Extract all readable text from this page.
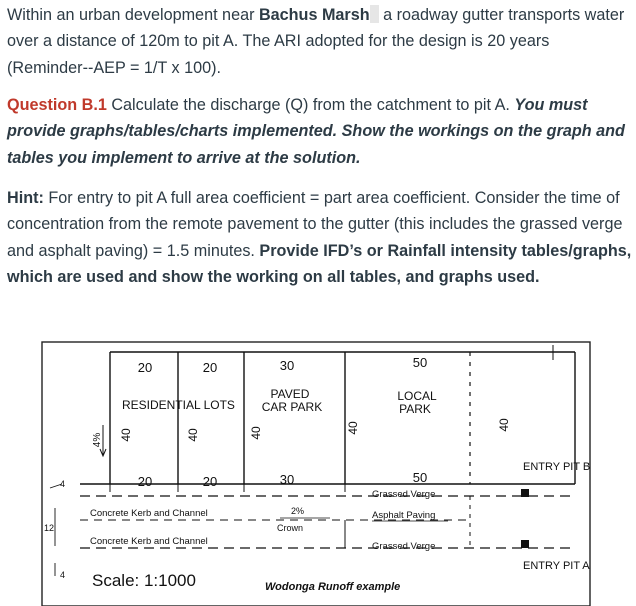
Within an urban development near Bachus Marsh a roadway gutter transports water over a distance of 120m to pit A. The ARI adopted for the design is 20 years (Reminder--AEP = 1/T x 100).
Question B.1 Calculate the discharge (Q) from the catchment to pit A. You must provide graphs/tables/charts implemented. Show the workings on the graph and tables you implement to arrive at the solution.
Hint: For entry to pit A full area coefficient = part area coefficient. Consider the time of concentration from the remote pavement to the gutter (this includes the grassed verge and asphalt paving) = 1.5 minutes. Provide IFD’s or Rainfall intensity tables/graphs, which are used and show the working on all tables, and graphs used.
20	20	30	50
RESIDENTIAL LOTS
PAVED
CAR PARK
LOCAL
PARK
40	40	40	40	40
4%
20	20	30	50
Concrete Kerb and Channel
Concrete Kerb and Channel
2%
Crown
Grassed Verge
Asphalt Paving
Grassed Verge
4
12
4
ENTRY PIT B
ENTRY PIT A
Scale: 1:1000	Wodonga Runoff example
